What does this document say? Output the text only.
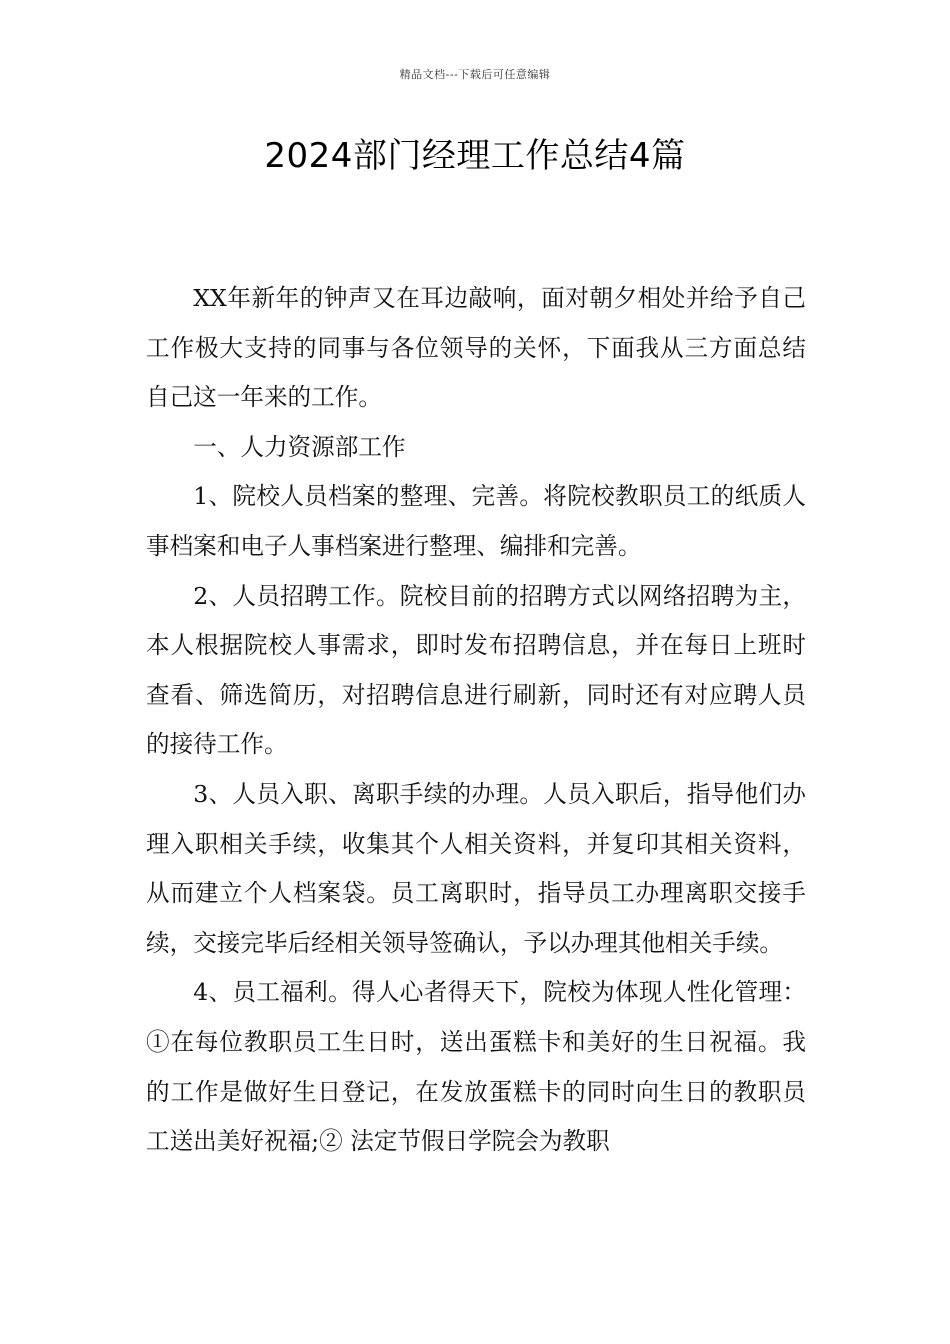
精品文档---下载后可任意编辑
2024部门经理工作总结4篇

XX年新年的钟声又在耳边敲响，面对朝夕相处并给予自己工作极大支持的同事与各位领导的关怀，下面我从三方面总结自己这一年来的工作。

一、人力资源部工作

1、院校人员档案的整理、完善。将院校教职员工的纸质人事档案和电子人事档案进行整理、编排和完善。

2、人员招聘工作。院校目前的招聘方式以网络招聘为主，本人根据院校人事需求，即时发布招聘信息，并在每日上班时查看、筛选简历，对招聘信息进行刷新，同时还有对应聘人员的接待工作。

3、人员入职、离职手续的办理。人员入职后，指导他们办理入职相关手续，收集其个人相关资料，并复印其相关资料，从而建立个人档案袋。员工离职时，指导员工办理离职交接手续，交接完毕后经相关领导签确认，予以办理其他相关手续。

4、员工福利。得人心者得天下，院校为体现人性化管理：①在每位教职员工生日时，送出蛋糕卡和美好的生日祝福。我的工作是做好生日登记，在发放蛋糕卡的同时向生日的教职员工送出美好祝福;② 法定节假日学院会为教职
